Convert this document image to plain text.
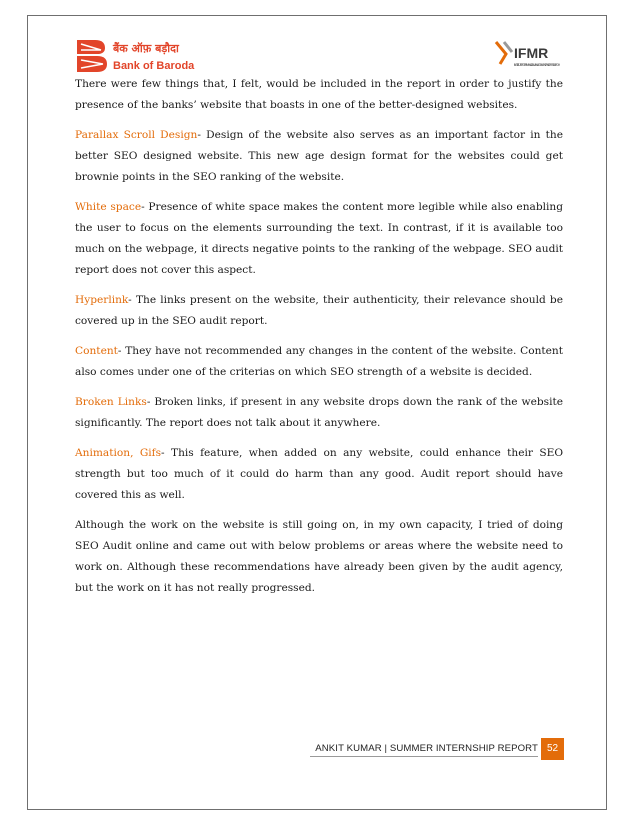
बैंक ऑफ़ बड़ौदा
Bank of Baroda
IFMR
INSTITUTE FOR FINANCIAL MANAGEMENT AND RESEARCH

There were few things that, I felt, would be included in the report in order to justify the presence of the banks’ website that boasts in one of the better-designed websites.

Parallax Scroll Design- Design of the website also serves as an important factor in the better SEO designed website. This new age design format for the websites could get brownie points in the SEO ranking of the website.

White space- Presence of white space makes the content more legible while also enabling the user to focus on the elements surrounding the text. In contrast, if it is available too much on the webpage, it directs negative points to the ranking of the webpage. SEO audit report does not cover this aspect.

Hyperlink- The links present on the website, their authenticity, their relevance should be covered up in the SEO audit report.

Content- They have not recommended any changes in the content of the website. Content also comes under one of the criterias on which SEO strength of a website is decided.

Broken Links- Broken links, if present in any website drops down the rank of the website significantly. The report does not talk about it anywhere.

Animation, Gifs- This feature, when added on any website, could enhance their SEO strength but too much of it could do harm than any good. Audit report should have covered this as well.

Although the work on the website is still going on, in my own capacity, I tried of doing SEO Audit online and came out with below problems or areas where the website need to work on. Although these recommendations have already been given by the audit agency, but the work on it has not really progressed.

ANKIT KUMAR | SUMMER INTERNSHIP REPORT 52
